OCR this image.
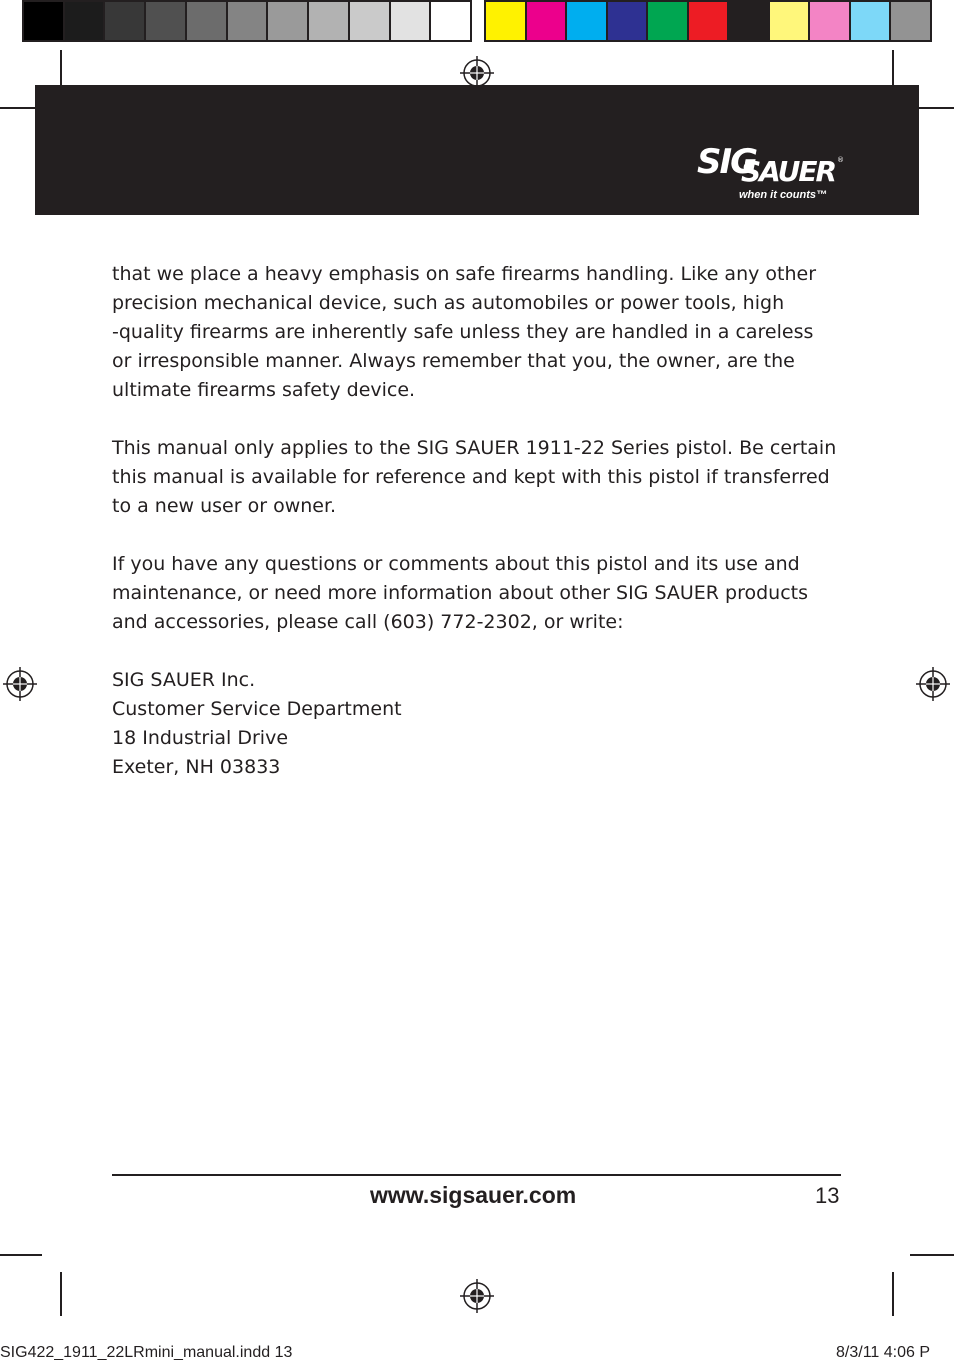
SIG
SAUER ®
when it counts™

that we place a heavy emphasis on safe firearms handling. Like any other
precision mechanical device, such as automobiles or power tools, high
-quality firearms are inherently safe unless they are handled in a careless
or irresponsible manner. Always remember that you, the owner, are the
ultimate firearms safety device.

This manual only applies to the SIG SAUER 1911-22 Series pistol. Be certain
this manual is available for reference and kept with this pistol if transferred
to a new user or owner.

If you have any questions or comments about this pistol and its use and
maintenance, or need more information about other SIG SAUER products
and accessories, please call (603) 772-2302, or write:

SIG SAUER Inc.
Customer Service Department
18 Industrial Drive
Exeter, NH 03833

www.sigsauer.com	13
SIG422_1911_22LRmini_manual.indd 13	8/3/11 4:06 P
